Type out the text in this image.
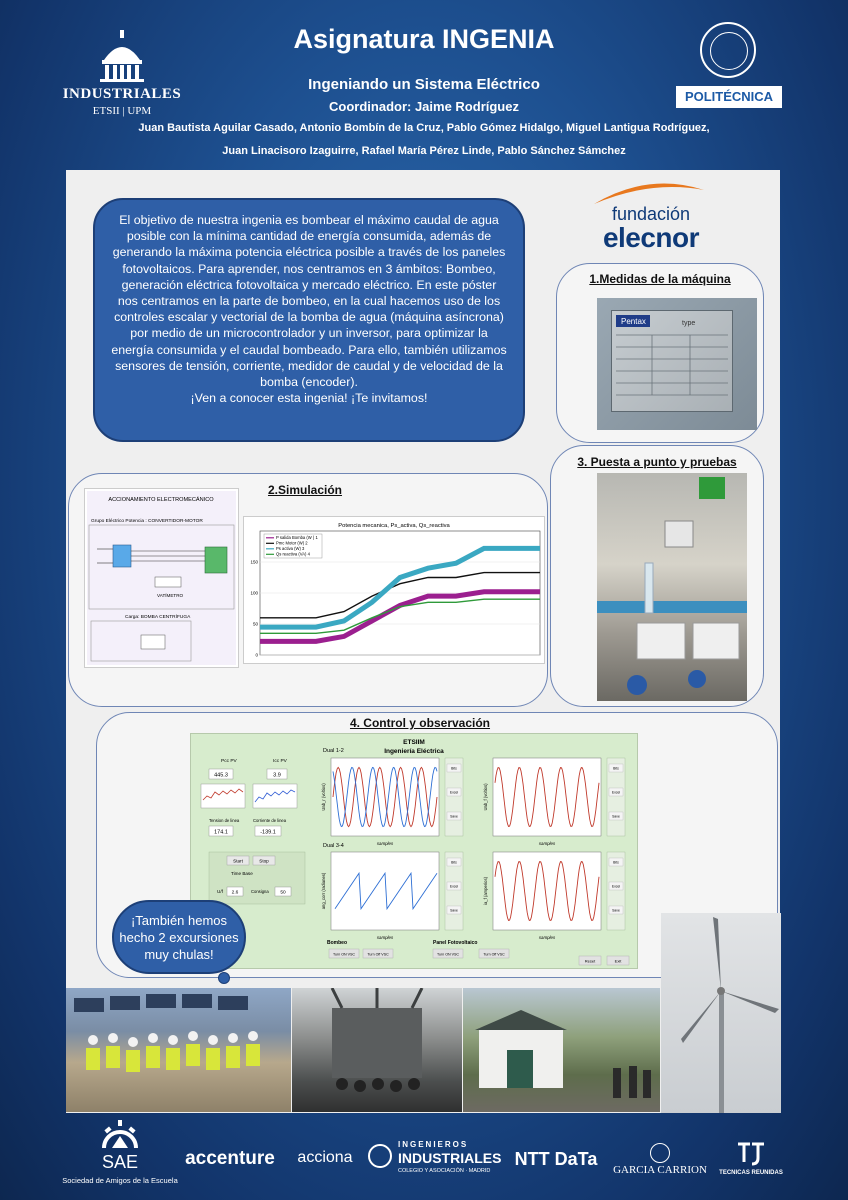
Asignatura INGENIA
Ingeniando un Sistema Eléctrico
Coordinador: Jaime Rodríguez
Juan Bautista Aguilar Casado, Antonio Bombín de la Cruz, Pablo Gómez Hidalgo, Miguel Lantigua Rodríguez,
Juan Linacisoro Izaguirre, Rafael María Pérez Linde, Pablo Sánchez Sámchez
INDUSTRIALES
ETSII | UPM
POLITÉCNICA

El objetivo de nuestra ingenia es bombear el máximo caudal de agua posible con la mínima cantidad de energía consumida, además de generando la máxima potencia eléctrica posible a través de los paneles fotovoltaicos. Para aprender, nos centramos en 3 ámbitos: Bombeo, generación eléctrica fotovoltaica y mercado eléctrico. En este póster nos centramos en la parte de bombeo, en la cual hacemos uso de los controles escalar y vectorial de la bomba de agua (máquina asíncrona) por medio de un microcontrolador y un inversor, para optimizar la energía consumida y el caudal bombeado. Para ello, también utilizamos sensores de tensión, corriente, medidor de caudal y de velocidad de la bomba (encoder).

¡Ven a conocer esta ingenia! ¡Te invitamos!

fundación
elecnor
1.Medidas de la máquina
Pentax	type
3. Puesta a punto y pruebas
2.Simulación
ACCIONAMIENTO ELECTROMECÁNICO
Grupo Eléctrico Potencia : CONVERTIDOR-MOTOR
VATÍMETRO
Carga: BOMBA CENTRÍFUGA
Potencia mecanica, Ps_activa, Qs_reactiva
P salida Bomba (W ) 1
Pmc Motor (W) 2
Ps activa (W) 3
Qs reactiva (VA) 4
0
50
100
150
4. Control y observación
ETSIIM
Ingeniería Eléctrica
Dual 1-2
Dual 3-4
Pcc PV
445.3
Icc PV
3.9
Tension de linea
174.1
Corriente de linea
-139.1
Start	Stop
Time Base
U/f 2.6	Consigna 50
Uab_r (voltios)
samples
Bits
Excel
Save
Uab_f (voltios)
samples
Bits
Excel
Save
ang_corr (radianes)
samples
Bits
Excel
Save
ia_f (amperios)
samples
Bits
Excel
Save
Bombeo
Turn ON VSC	Turn Off VSC
Panel Fotovoltaico
Turn ON VSC	Turn Off VSC
Reset	Exit
¡También hemos hecho 2 excursiones muy chulas!
SAE
Sociedad de Amigos de la Escuela
accenture	acciona
INGENIEROS
INDUSTRIALES
COLEGIO Y ASOCIACIÓN · MADRID
NTT DaTa
GARCIA CARRION	TECNICAS REUNIDAS
